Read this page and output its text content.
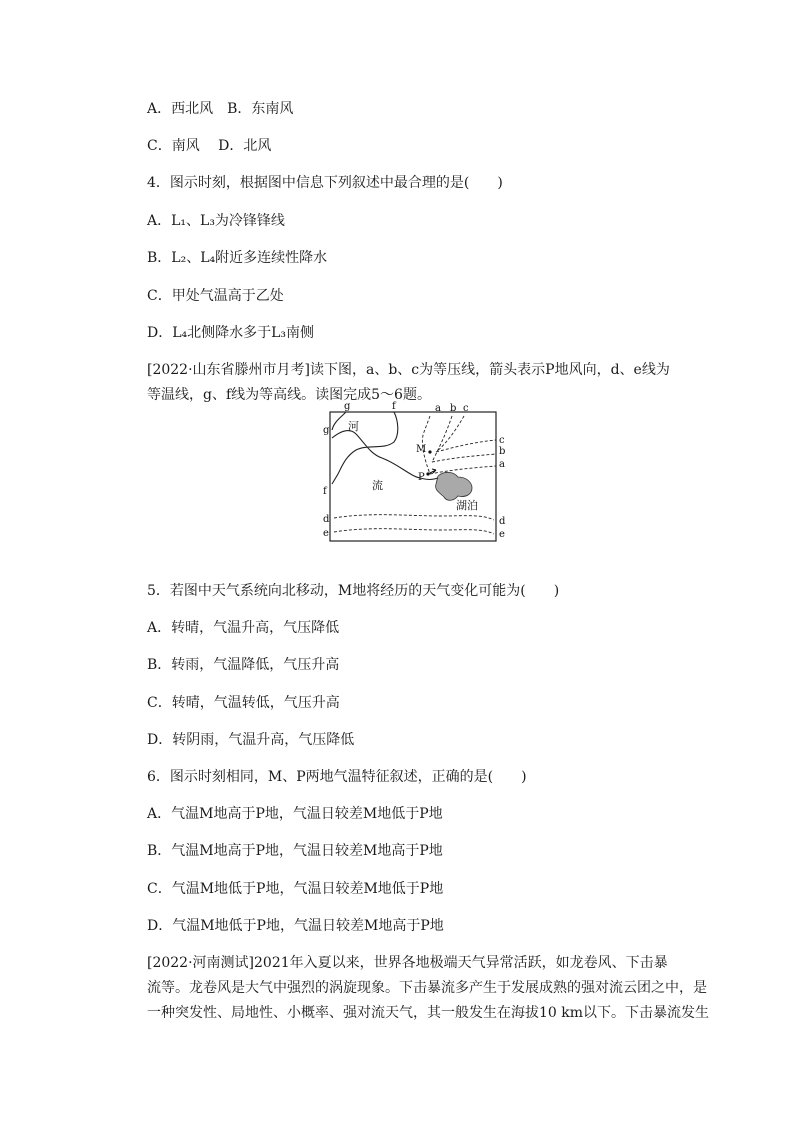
A．西北风　B．东南风
C．南风　 D．北风
4．图示时刻，根据图中信息下列叙述中最合理的是(　　)
A．L₁、L₃为冷锋锋线
B．L₂、L₄附近多连续性降水
C．甲处气温高于乙处
D．L₄北侧降水多于L₃南侧
[2022·山东省滕州市月考]读下图，a、b、c为等压线，箭头表示P地风向，d、e线为
等温线，g、f线为等高线。读图完成5～6题。
g	f
M
a b c
g
f
d
e
c
b
a
d
e
P
河
流
湖泊
5．若图中天气系统向北移动，M地将经历的天气变化可能为(　　)
A．转晴，气温升高，气压降低
B．转雨，气温降低，气压升高
C．转晴，气温转低，气压升高
D．转阴雨，气温升高，气压降低
6．图示时刻相同，M、P两地气温特征叙述，正确的是(　　)
A．气温M地高于P地，气温日较差M地低于P地
B．气温M地高于P地，气温日较差M地高于P地
C．气温M地低于P地，气温日较差M地低于P地
D．气温M地低于P地，气温日较差M地高于P地
[2022·河南测试]2021年入夏以来，世界各地极端天气异常活跃，如龙卷风、下击暴
流等。龙卷风是大气中强烈的涡旋现象。下击暴流多产生于发展成熟的强对流云团之中，是
一种突发性、局地性、小概率、强对流天气，其一般发生在海拔10 km以下。下击暴流发生
